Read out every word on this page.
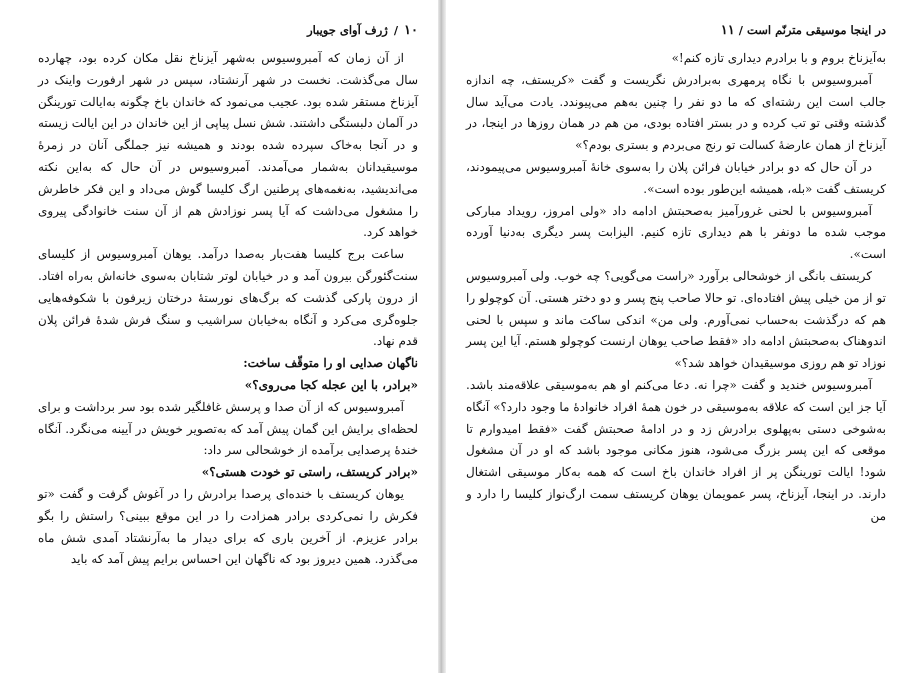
در اینجا موسیقی مترنّم است / ۱۱

به‌آیزناخ بروم و با برادرم دیداری تازه کنم!»

آمبروسیوس با نگاه پرمهری به‌برادرش نگریست و گفت «کریستف، چه اندازه جالب است این رشته‌ای که ما دو نفر را چنین به‌هم می‌پیوندد. یادت می‌آید سال گذشته وقتی تو تب کرده و در بستر افتاده بودی، من هم در همان روزها در اینجا، در آیزناخ از همان عارضهٔ کسالت تو رنج می‌بردم و بستری بودم؟»

در آن حال که دو برادر خیابان فرائن پلان را به‌سوی خانهٔ آمبروسیوس می‌پیمودند، کریستف گفت «بله، همیشه این‌طور بوده است».

آمبروسیوس با لحنی غرورآمیز به‌صحبتش ادامه داد «ولی امروز، رویداد مبارکی موجب شده ما دونفر با هم دیداری تازه کنیم. الیزابت پسر دیگری به‌دنیا آورده است».

کریستف بانگی از خوشحالی برآورد «راست می‌گویی؟ چه خوب. ولی آمبروسیوس تو از من خیلی پیش افتاده‌ای. تو حالا صاحب پنج پسر و دو دختر هستی. آن کوچولو را هم که درگذشت به‌حساب نمی‌آورم. ولی من» اندکی ساکت ماند و سپس با لحنی اندوهناک به‌صحبتش ادامه داد «فقط صاحب یوهان ارنست کوچولو هستم. آیا این پسر نوزاد تو هم روزی موسیقیدان خواهد شد؟»

آمبروسیوس خندید و گفت «چرا نه. دعا می‌کنم او هم به‌موسیقی علاقه‌مند باشد. آیا جز این است که علاقه به‌موسیقی در خون همهٔ افراد خانوادهٔ ما وجود دارد؟» آنگاه به‌شوخی دستی به‌پهلوی برادرش زد و در ادامهٔ صحبتش گفت «فقط امیدوارم تا موقعی که این پسر بزرگ می‌شود، هنوز مکانی موجود باشد که او در آن مشغول شود! ایالت تورینگن پر از افراد خاندان باخ است که همه به‌کار موسیقی اشتغال دارند. در اینجا، آیزناخ، پسر عمویمان یوهان کریستف سمت ارگ‌نواز کلیسا را دارد و من

۱۰
/
ژرف آوای جویبار

از آن زمان که آمبروسیوس به‌شهر آیزناخ نقل مکان کرده بود، چهارده سال می‌گذشت. نخست در شهر آرنشتاد، سپس در شهر ارفورت واینک در آیزناخ مستقر شده بود. عجیب می‌نمود که خاندان باخ چگونه به‌ایالت تورینگن در آلمان دلبستگی داشتند. شش نسل پیاپی از این خاندان در این ایالت زیسته و در آنجا به‌خاک سپرده شده بودند و همیشه نیز جملگی آنان در زمرهٔ موسیقیدانان به‌شمار می‌آمدند. آمبروسیوس در آن حال که به‌این نکته می‌اندیشید، به‌نغمه‌های پرطنین ارگ کلیسا گوش می‌داد و این فکر خاطرش را مشغول می‌داشت که آیا پسر نوزادش هم از آن سنت خانوادگی پیروی خواهد کرد.

ساعت برج کلیسا هفت‌بار به‌صدا درآمد. یوهان آمبروسیوس از کلیسای سنت‌گئورگن بیرون آمد و در خیابان لوتر شتابان به‌سوی خانه‌اش به‌راه افتاد. از درون پارکی گذشت که برگ‌های نورستهٔ درختان زیرفون با شکوفه‌هایی جلوه‌گری می‌کرد و آنگاه به‌خیابان سراشیب و سنگ فرش شدهٔ فرائن پلان قدم نهاد.

ناگهان صدایی او را متوقّف ساخت:

«برادر، با این عجله کجا می‌روی؟»

آمبروسیوس که از آن صدا و پرسش غافلگیر شده بود سر برداشت و برای لحظه‌ای برایش این گمان پیش آمد که به‌تصویر خویش در آیینه می‌نگرد. آنگاه خندهٔ پرصدایی برآمده از خوشحالی سر داد:

«برادر کریستف، راستی تو خودت هستی؟»

یوهان کریستف با خنده‌ای پرصدا برادرش را در آغوش گرفت و گفت «تو فکرش را نمی‌کردی برادر همزادت را در این موقع ببینی؟ راستش را بگو برادر عزیزم. از آخرین باری که برای دیدار ما به‌آرنشتاد آمدی شش ماه می‌گذرد. همین دیروز بود که ناگهان این احساس برایم پیش آمد که باید
